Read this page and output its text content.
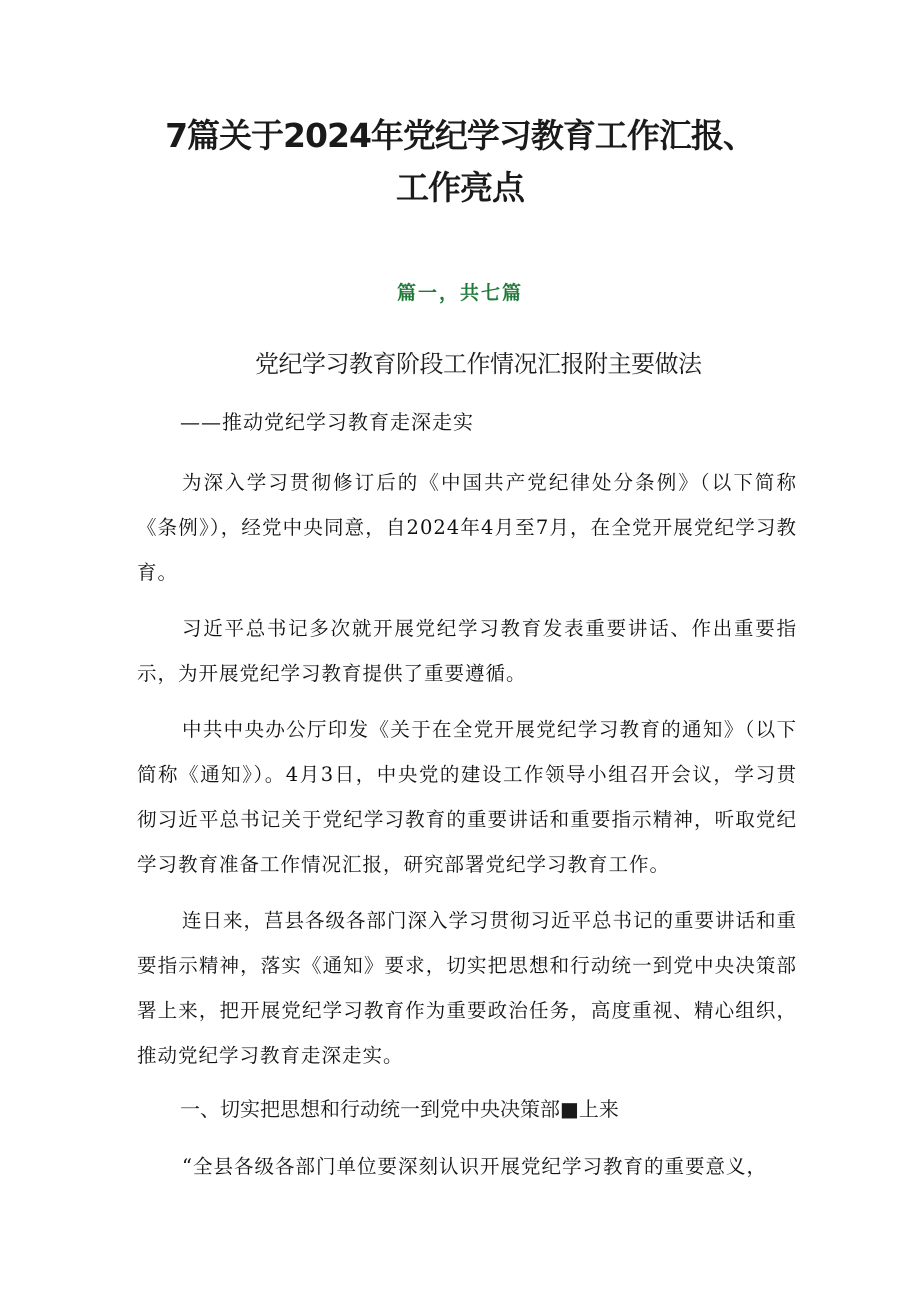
7篇关于2024年党纪学习教育工作汇报、
工作亮点
篇一，共七篇
党纪学习教育阶段工作情况汇报附主要做法
——推动党纪学习教育走深走实

为深入学习贯彻修订后的《中国共产党纪律处分条例》（以下简称《条例》），经党中央同意，自2024年4月至7月，在全党开展党纪学习教育。

习近平总书记多次就开展党纪学习教育发表重要讲话、作出重要指示，为开展党纪学习教育提供了重要遵循。

中共中央办公厅印发《关于在全党开展党纪学习教育的通知》（以下简称《通知》）。4月3日，中央党的建设工作领导小组召开会议，学习贯彻习近平总书记关于党纪学习教育的重要讲话和重要指示精神，听取党纪学习教育准备工作情况汇报，研究部署党纪学习教育工作。

连日来，莒县各级各部门深入学习贯彻习近平总书记的重要讲话和重要指示精神，落实《通知》要求，切实把思想和行动统一到党中央决策部署上来，把开展党纪学习教育作为重要政治任务，高度重视、精心组织，推动党纪学习教育走深走实。

一、切实把思想和行动统一到党中央决策部■上来

“全县各级各部门单位要深刻认识开展党纪学习教育的重要意义，
